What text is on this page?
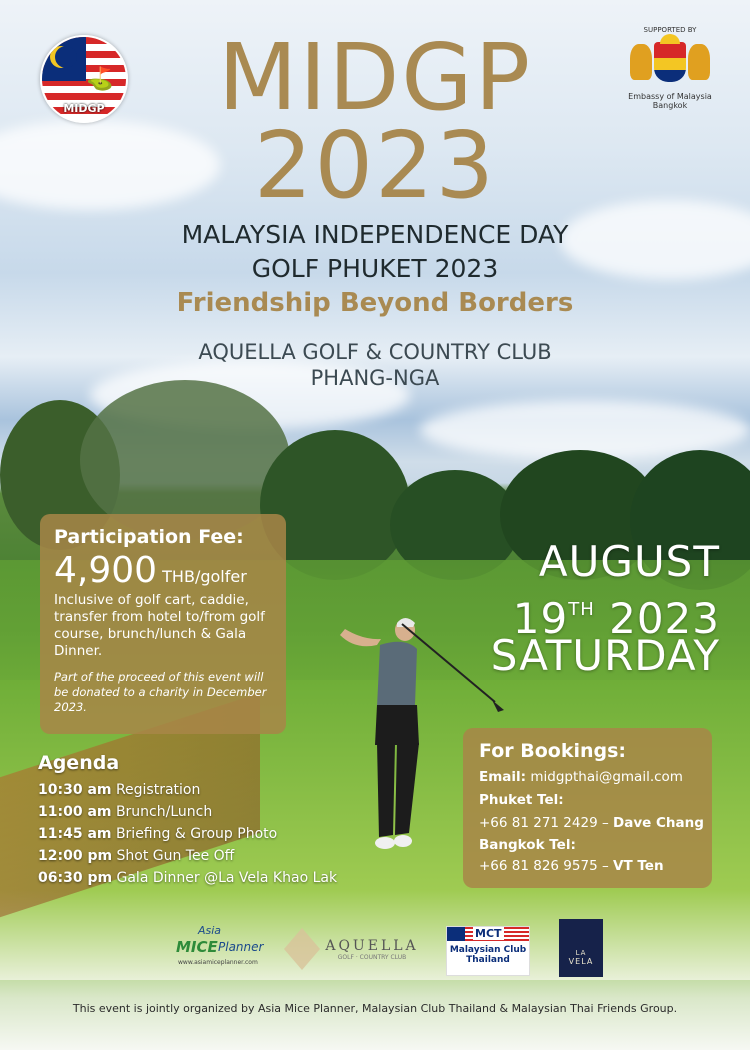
⛳
MIDGP
SUPPORTED BY
Embassy of Malaysia
Bangkok
MIDGP
2023
MALAYSIA INDEPENDENCE DAY
GOLF PHUKET 2023
Friendship Beyond Borders
AQUELLA GOLF & COUNTRY CLUB
PHANG-NGA
Participation Fee:
4,900 THB/golfer
Inclusive of golf cart, caddie, transfer from hotel to/from golf course, brunch/lunch & Gala Dinner.
Part of the proceed of this event will be donated to a charity in December 2023.
AUGUST
19TH 2023
SATURDAY
Agenda
10:30 am Registration
11:00 am Brunch/Lunch
11:45 am Briefing & Group Photo
12:00 pm Shot Gun Tee Off
06:30 pm Gala Dinner @La Vela Khao Lak
For Bookings:
Email: midgpthai@gmail.com
Phuket Tel:
+66 81 271 2429 – Dave Chang
Bangkok Tel:
+66 81 826 9575 – VT Ten
Asia
MICE Planner
www.asiamiceplanner.com
AQUELLA
GOLF · COUNTRY CLUB
MCT
Malaysian Club
Thailand
LA
VELA
This event is jointly organized by Asia Mice Planner, Malaysian Club Thailand & Malaysian Thai Friends Group.
